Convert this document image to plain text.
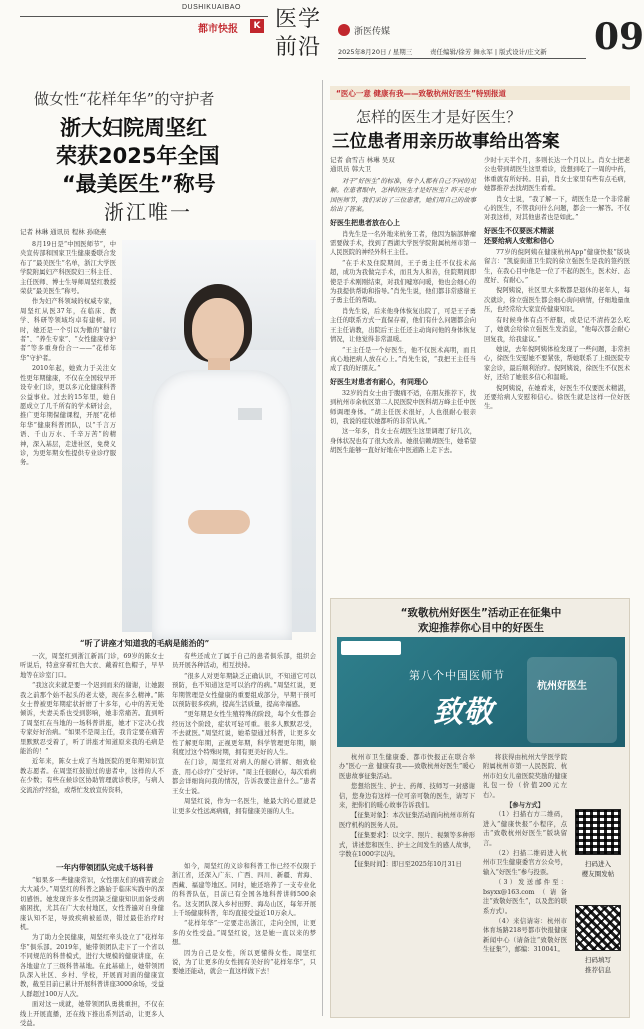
DUSHIKUAIBAO
都市快报	K 医学
前沿
浙医传媒
2025年8月20日 / 星期三	责任编辑/徐芳 舞永军 | 版式设计/庄文新 09
做女性“花样年华”的守护者
浙大妇院周坚红
荣获2025年全国
“最美医生”称号
浙江唯一
记者 林琳 通讯员 程林 孙晓燕

8月19日是“中国医师节”，中央宣传部和国家卫生健康委联合发布了“最美医生”名单，浙江大学医学院附属妇产科医院妇三科主任、主任医师、博士生导师周坚红教授荣获“最美医生”称号。

作为妇产科领域的权威专家，周坚红从医37年，在临床、教学、科研等领域均卓有建树。同时，她还是一个引以为傲的“健行者”、“养生专家”、“女性健康守护者”等多重身份合一——“花样年华”守护者。

2010年起，她致力于关注女性更年期健康，不仅在全国较早开设专业门诊，更以多元化健康科普公益事业。过去的15年里，她自愿成立了几千所有的学术研讨会，推广更年期保健课程，开展“花样年华”健康科普团队，以“千言万语、千山万水、千辛万苦”的精神，深入基层，走进社区，免费义诊，为更年期女性提供专业诊疗服务。

“听了讲座才知道我的毛病是能治的”

一次，周坚红到浙江新昌门诊，69岁的陈女士听说后，特意穿着红色大衣、戴着红色帽子，早早地等在诊室门口。

“我这次来就是要一个迟到而来的谢谢，让她跟我之前那个始不起头的老太婆，现在多么精神。”陈女士曾被更年期症状折磨了十多年，心中的苦无处倾诉，夫妻关系也受到影响，她非常痛苦。直到听了周坚红在当地的一场科普讲座，她才下定决心找专家好好治病。“如果不是周主任，我肯定要在痛苦里默默忍受着了，听了讲座才知道原来我的毛病是能治的！”

近年来，陈女士成了当地医院的更年期知识宣教志愿者。在周坚红鼓励过的患者中，这样的人不在少数；有些在候诊区协助管理就诊秩序，与病人交流治疗经验，或帮忙发放宣传资料，

有些还成立了属于自己的患者俱乐部，组织会员开展各种活动，相互扶持。

“很多人对更年期缺乏正确认识，不知道它可以预防，也不知道这是可以治疗的病。”周坚红说，更年期管理是女性健康的重要组成部分，早期干预可以预防很多疾病，提高生活质量，提高幸福感。

“更年期是女性生殖特殊的阶段，每个女性都会经历这个阶段，症状可轻可重。很多人默默忍受，不去就医。”周坚红说，她希望通过科普，让更多女性了解更年期，正视更年期，科学管理更年期，顺利度过这个特殊时期，拥有更美好的人生。

在门诊，周坚红对病人的耐心讲解、细致检查、用心诊疗广受好评。“周主任很耐心，每次看病都会详细询问我的情况，告诉我要注意什么。”患者王女士说。

周坚红说，作为一名医生，她最大的心愿就是让更多女性远离病痛，拥有健康美丽的人生。

一年内带领团队完成千场科普

“如果多一些健康常识，女性朋友们的痛苦就会大大减少。”周坚红的科普之路始于临床实践中的深切感悟。她发现许多女性因缺乏健康知识而备受病痛困扰，尤其在广大农村地区，女性普遍对自身健康认知不足，导致疾病被延误，错过最佳治疗时机。

为了助力全民健康，周坚红牵头设立了“花样年华”俱乐部。2019年，她带领团队走下了一个省以不同规范的科普模式，进行大规模的健康讲座，在各地建立了三级科普基地。在此基础上，她带领团队深入社区、乡村、学校，开展面对面的健康宣教，截至目前已累计开展科普讲座3000余场，受益人群超过100万人次。

面对这一成就，她带领团队勇挑重担，不仅在线上开展直播，还在线下推出系列活动，让更多人受益。

如今，周坚红的义诊和科普工作已经不仅限于浙江省，还深入广东、广西、四川、新疆、青海、西藏、福建等地区。同时，她还培养了一支专业化的科普队伍，目前已有全国各地科普讲师500余名。这支团队深入乡村田野、海岛山区，每年开展上千场健康科普，年均直接受益近10万余人。

“花样年华”一定要走出浙江，走向全国，让更多的女性受益。”周坚红说，这是她一直以来的梦想。

因为自己是女性，所以更懂得女性。周坚红说，为了让更多的女性拥有美好的“花样年华”，只要她还能动，就会一直这样做下去！

“医心一意 健康有我——致敬杭州好医生”特别报道
怎样的医生才是好医生？
三位患者用亲历故事给出答案
记者 俞雪吉 林琳 吴双
通讯员 韩大卫

对于“好医生”的标准，每个人都有自己不同的见解。在患者眼中，怎样的医生才是好医生？昨天是中国医师节，我们采访了三位患者，她们用自己的故事给出了答案。

好医生把患者放在心上

肖先生是一名外地来杭务工者，他因为脑部肿瘤需要做手术，找到了西湖大学医学院附属杭州市第一人民医院的神经外科王主任。

“在手术及住院期间，王子勇主任不仅技术高超，成功为我做完手术，而且为人和善，住院期间即使是手术刚刚结束，对我们嘘寒问暖，他也会细心的为我提供帮助和指导。”肖先生说，他们都非常感谢王子勇主任的帮助。

肖先生说，后来他身体恢复出院了，可是王子勇主任的联系方式一直保存着，他们有什么问题都会向王主任请教，出院后王主任还主动询问他的身体恢复情况，让他觉得非常温暖。

“王主任是一个好医生，他不仅医术高明，而且真心地把病人放在心上。”肖先生说，“我把王主任当成了我的好朋友。”

好医生对患者有耐心，有同理心

32岁的肖女士由于腹痛不适，在朋友推荐下，找到杭州市余杭区第二人民医院中医科胡万峰主任中医师调理身体。“胡主任医术很好，人也很耐心很亲切，我说的症状她都听的非常认真。”

这一年多，肖女士在胡医生这里调理了好几次，身体状况也有了很大改善。她很信赖胡医生，她希望胡医生能够一直好好地在中医道路上走下去。

少时十天半个月，多则长达一个月以上。肖女士把老公也带到胡医生这里看诊，没想到吃了一周的中药，体重就有所好转。目前，肖女士家里有些有点毛病，她都推荐去找胡医生看看。

肖女士说，“我了解一下，胡医生是一个非常耐心的医生，不管我问什么问题，都会一一解答。不仅对我这样，对其他患者也是如此。”

好医生不仅要医术精湛
还要给病人安慰和信心

77岁的倪阿姨在健康杭州App“健康快报”版块留言：“凯旋街道卫生院的徐立强医生是我的签约医生，在我心目中他是一位了不起的医生，医术好、态度好、有耐心。”

倪阿姨说，社区里大多数都是退休的老年人，每次就诊，徐立强医生都会细心询问病情，仔细地量血压，也经常给大家宣传健康知识。

有时候身体有点不舒服，或是记不清药怎么吃了，她就会给徐立强医生发消息，“他每次都会耐心回复我，给我建议。”

她说，去年倪阿姨体检发现了一些问题，非常担心，徐医生安慰她不要紧张，帮她联系了上级医院专家会诊，最后顺利治疗。倪阿姨说，徐医生不仅医术好，还给了她很多信心和温暖。

倪阿姨说，在她看来，好医生不仅要医术精湛，还要给病人安慰和信心。徐医生就是这样一位好医生。

“致敬杭州好医生”活动正在征集中
欢迎推荐你心目中的好医生
杭州好医生
第八个中国医师节
致敬

杭州市卫生健康委、都市快报正在联合举办“医心一意 健康有我——致敬杭州好医生”暖心医患故事征集活动。

您想给医生、护士、药师、技师写一封感谢信，您身边有这样一位可亲可敬的医生，请写下来，把你们的暖心故事告诉我们。

【征集对象】：本次征集活动面向杭州市所有医疗机构的医务人员。

【征集要求】：以文字、照片、视频等多种形式，讲述您和医生、护士之间发生的感人故事，字数在1000字以内。

【征集时间】：即日至2025年10月31日

将获得由杭州大学医学院附属杭州市第一人民医院、杭州市妇女儿童医院奖励的健康礼包一份（价值200元左右）。

【参与方式】

（1）扫描右方二维码，进入“健康快报”小程序，点击“致敬杭州好医生”版块留言。

（2）扫描二维码进入杭州市卫生健康委官方公众号，输入“好医生”参与投票。

（3）发送邮件至：bsyxx@163.com（请备注“致敬好医生”，以及您的联系方式）。

（4）来信请寄：杭州市体育场路218号都市快报健康新闻中心（请备注“致敬好医生征集”），邮编：310041。

扫码进入
樱友圈发帖
扫码填写
推荐信息
